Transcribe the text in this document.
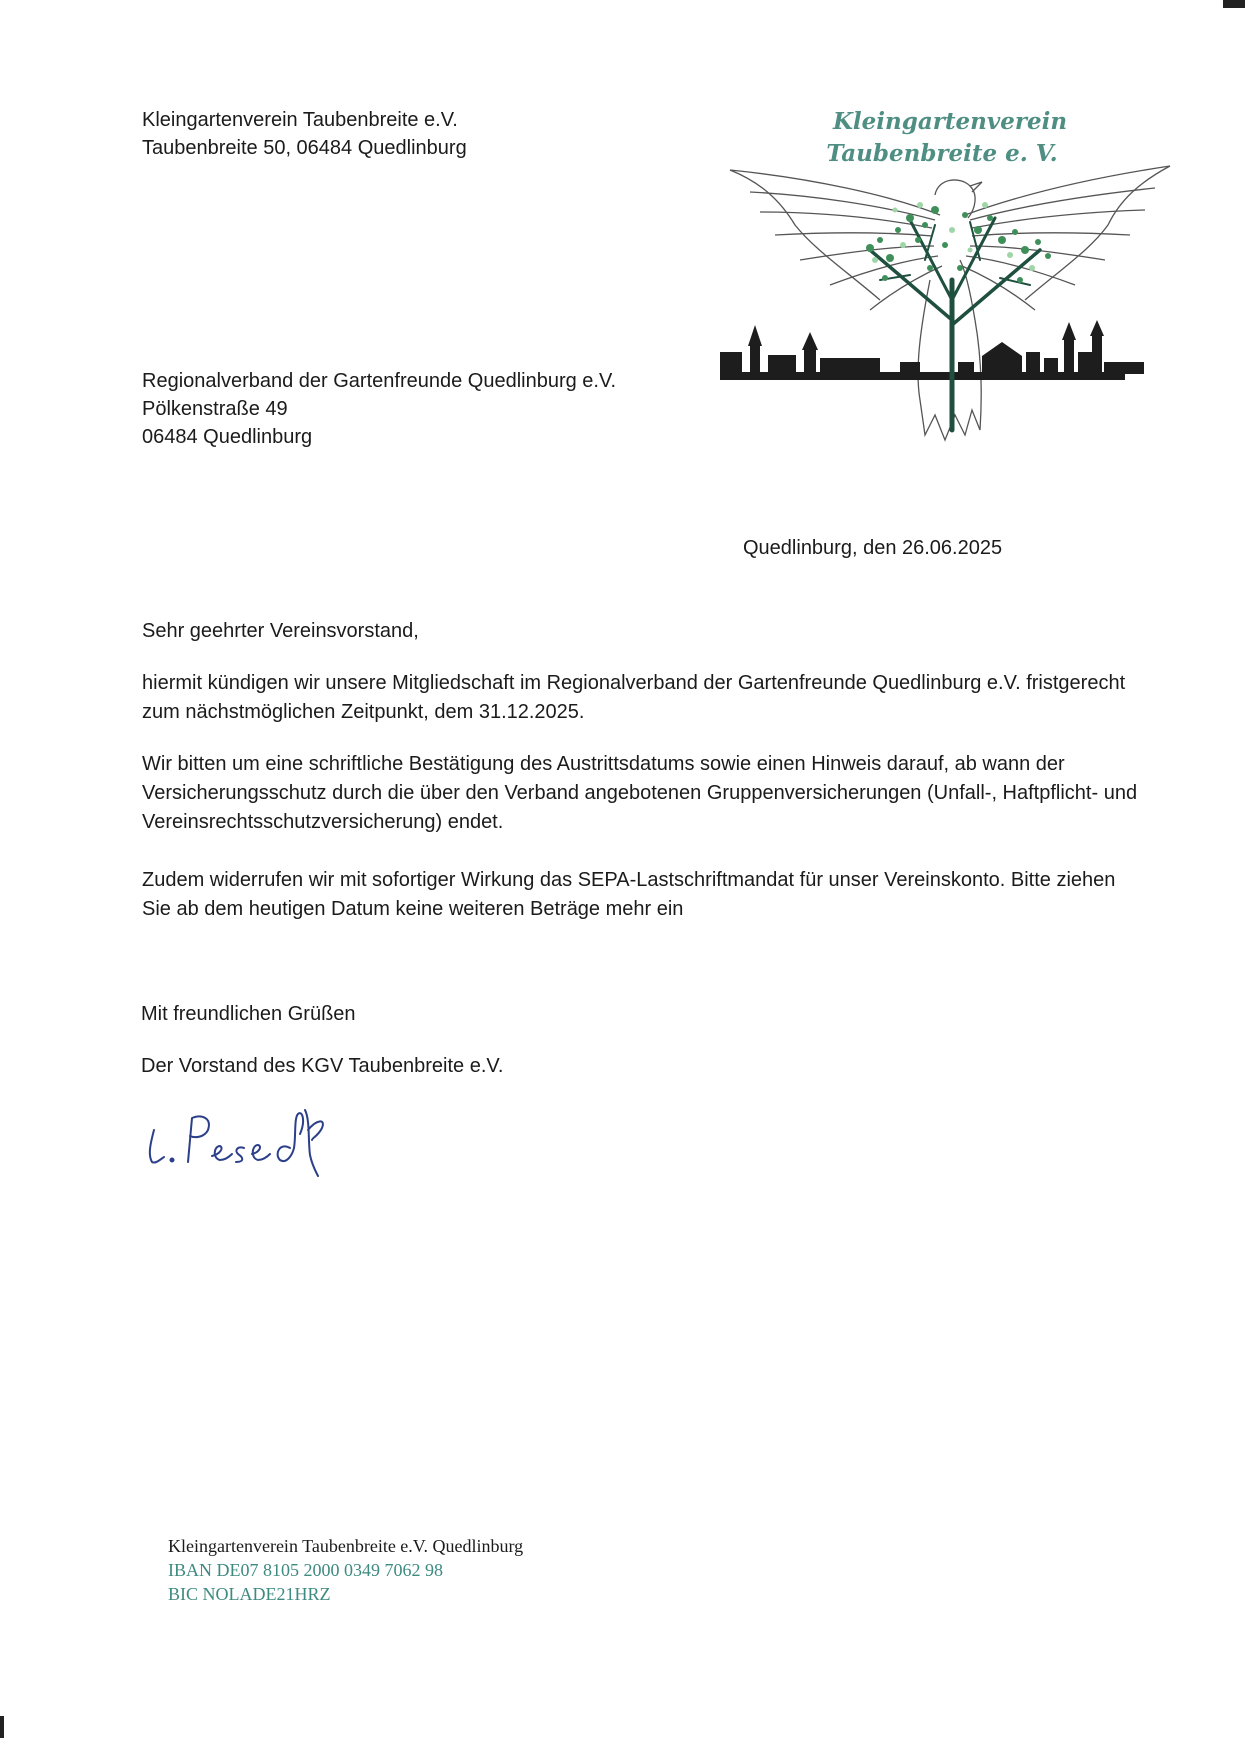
Kleingartenverein Taubenbreite e.V.
Taubenbreite 50, 06484 Quedlinburg
Kleingartenverein
Taubenbreite e. V.
Regionalverband der Gartenfreunde Quedlinburg e.V.
Pölkenstraße 49
06484 Quedlinburg
Quedlinburg, den 26.06.2025
Sehr geehrter Vereinsvorstand,
hiermit kündigen wir unsere Mitgliedschaft im Regionalverband der Gartenfreunde Quedlinburg e.V. fristgerecht zum nächstmöglichen Zeitpunkt, dem 31.12.2025.
Wir bitten um eine schriftliche Bestätigung des Austrittsdatums sowie einen Hinweis darauf, ab wann der Versicherungsschutz durch die über den Verband angebotenen Gruppenversicherungen (Unfall-, Haftpflicht- und Vereinsrechtsschutzversicherung) endet.
Zudem widerrufen wir mit sofortiger Wirkung das SEPA-Lastschriftmandat für unser Vereinskonto. Bitte ziehen Sie ab dem heutigen Datum keine weiteren Beträge mehr ein
Mit freundlichen Grüßen
Der Vorstand des KGV Taubenbreite e.V.
Kleingartenverein Taubenbreite e.V. Quedlinburg
IBAN DE07 8105 2000 0349 7062 98
BIC NOLADE21HRZ
